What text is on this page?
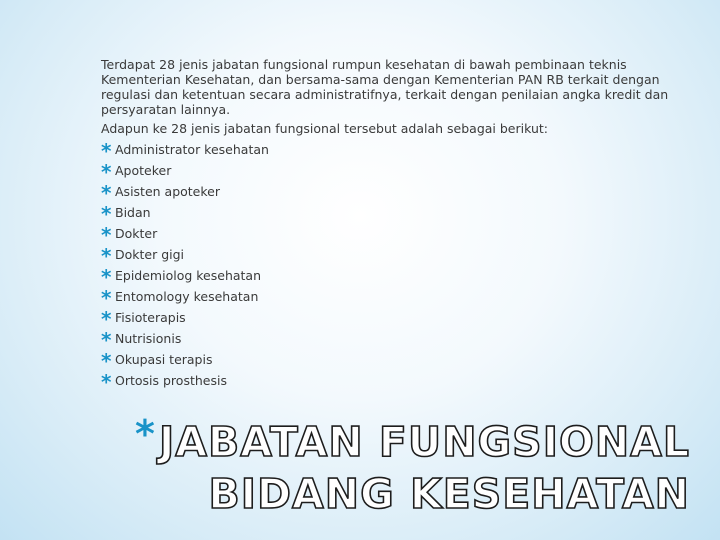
Terdapat 28 jenis jabatan fungsional rumpun kesehatan di bawah pembinaan teknis Kementerian Kesehatan, dan bersama-sama dengan Kementerian PAN RB terkait dengan regulasi dan ketentuan secara administratifnya, terkait dengan penilaian angka kredit dan persyaratan lainnya.

Adapun ke 28 jenis jabatan fungsional tersebut adalah sebagai berikut:

* Administrator kesehatan
* Apoteker
* Asisten apoteker
* Bidan
* Dokter
* Dokter gigi
* Epidemiolog kesehatan
* Entomology kesehatan
* Fisioterapis
* Nutrisionis
* Okupasi terapis
* Ortosis prosthesis
* JABATAN FUNGSIONAL
BIDANG KESEHATAN
